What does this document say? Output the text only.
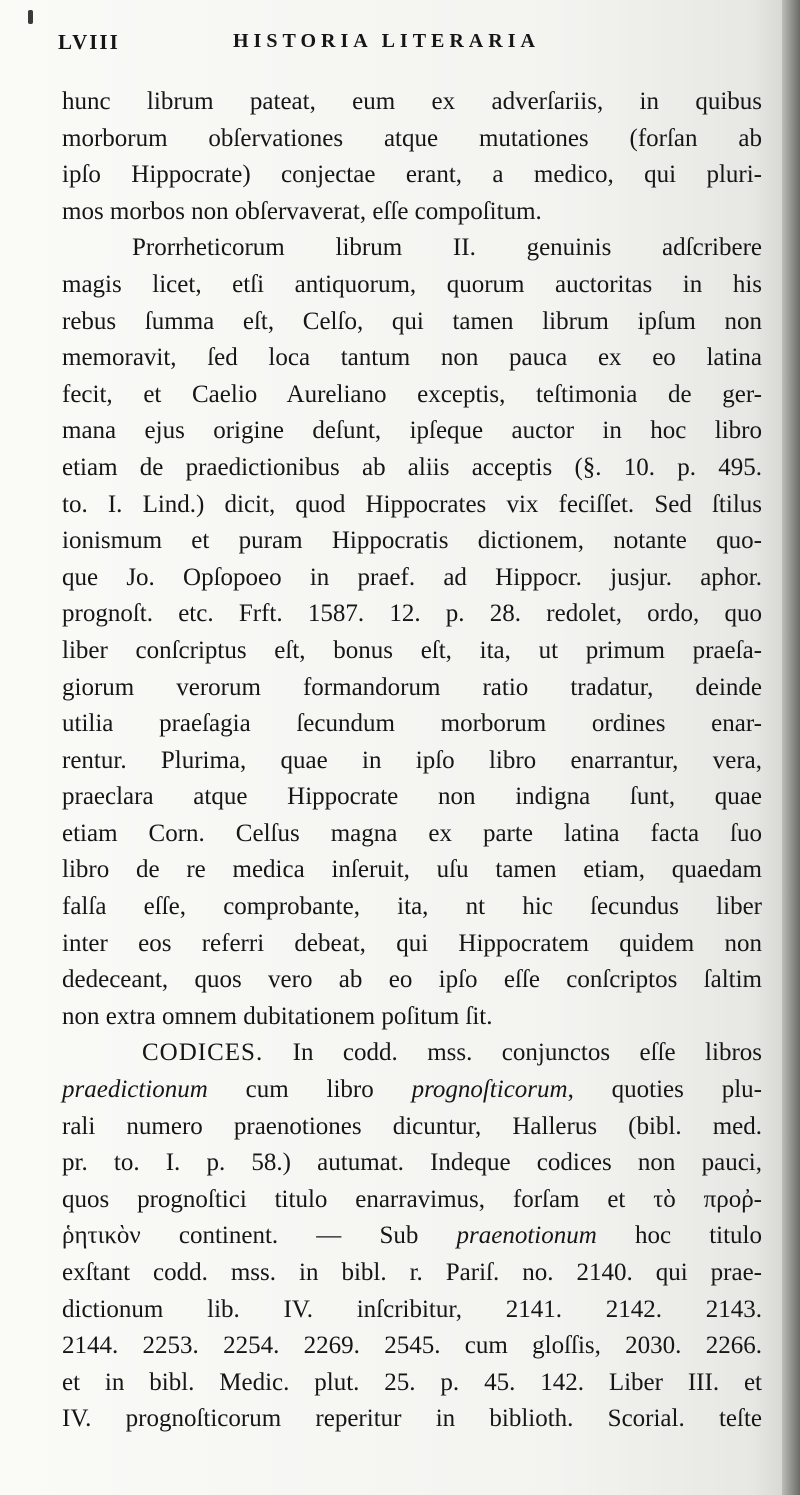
LVIII	HISTORIA LITERARIA
hunc librum pateat, eum ex adverſariis, in quibus
morborum obſervationes atque mutationes (forſan ab
ipſo Hippocrate) conjectae erant, a medico, qui pluri-
mos morbos non obſervaverat, eſſe compoſitum.
Prorrheticorum librum II. genuinis adſcribere
magis licet, etſi antiquorum, quorum auctoritas in his
rebus ſumma eſt, Celſo, qui tamen librum ipſum non
memoravit, ſed loca tantum non pauca ex eo latina
fecit, et Caelio Aureliano exceptis, teſtimonia de ger-
mana ejus origine deſunt, ipſeque auctor in hoc libro
etiam de praedictionibus ab aliis acceptis (§. 10. p. 495.
to. I. Lind.) dicit, quod Hippocrates vix feciſſet. Sed ſtilus
ionismum et puram Hippocratis dictionem, notante quo-
que Jo. Opſopoeo in praef. ad Hippocr. jusjur. aphor.
prognoſt. etc. Frft. 1587. 12. p. 28. redolet, ordo, quo
liber conſcriptus eſt, bonus eſt, ita, ut primum praeſa-
giorum verorum formandorum ratio tradatur, deinde
utilia praeſagia ſecundum morborum ordines enar-
rentur. Plurima, quae in ipſo libro enarrantur, vera,
praeclara atque Hippocrate non indigna ſunt, quae
etiam Corn. Celſus magna ex parte latina facta ſuo
libro de re medica inſeruit, uſu tamen etiam, quaedam
falſa eſſe, comprobante, ita, nt hic ſecundus liber
inter eos referri debeat, qui Hippocratem quidem non
dedeceant, quos vero ab eo ipſo eſſe conſcriptos ſaltim
non extra omnem dubitationem poſitum ſit.
CODICES. In codd. mss. conjunctos eſſe libros
praedictionum cum libro prognoſticorum, quoties plu-
rali numero praenotiones dicuntur, Hallerus (bibl. med.
pr. to. I. p. 58.) autumat. Indeque codices non pauci,
quos prognoſtici titulo enarravimus, forſam et τὸ προῤ-
ῥητικὸν continent. — Sub praenotionum hoc titulo
exſtant codd. mss. in bibl. r. Pariſ. no. 2140. qui prae-
dictionum lib. IV. inſcribitur, 2141. 2142. 2143.
2144. 2253. 2254. 2269. 2545. cum gloſſis, 2030. 2266.
et in bibl. Medic. plut. 25. p. 45. 142. Liber III. et
IV. prognoſticorum reperitur in biblioth. Scorial. teſte
